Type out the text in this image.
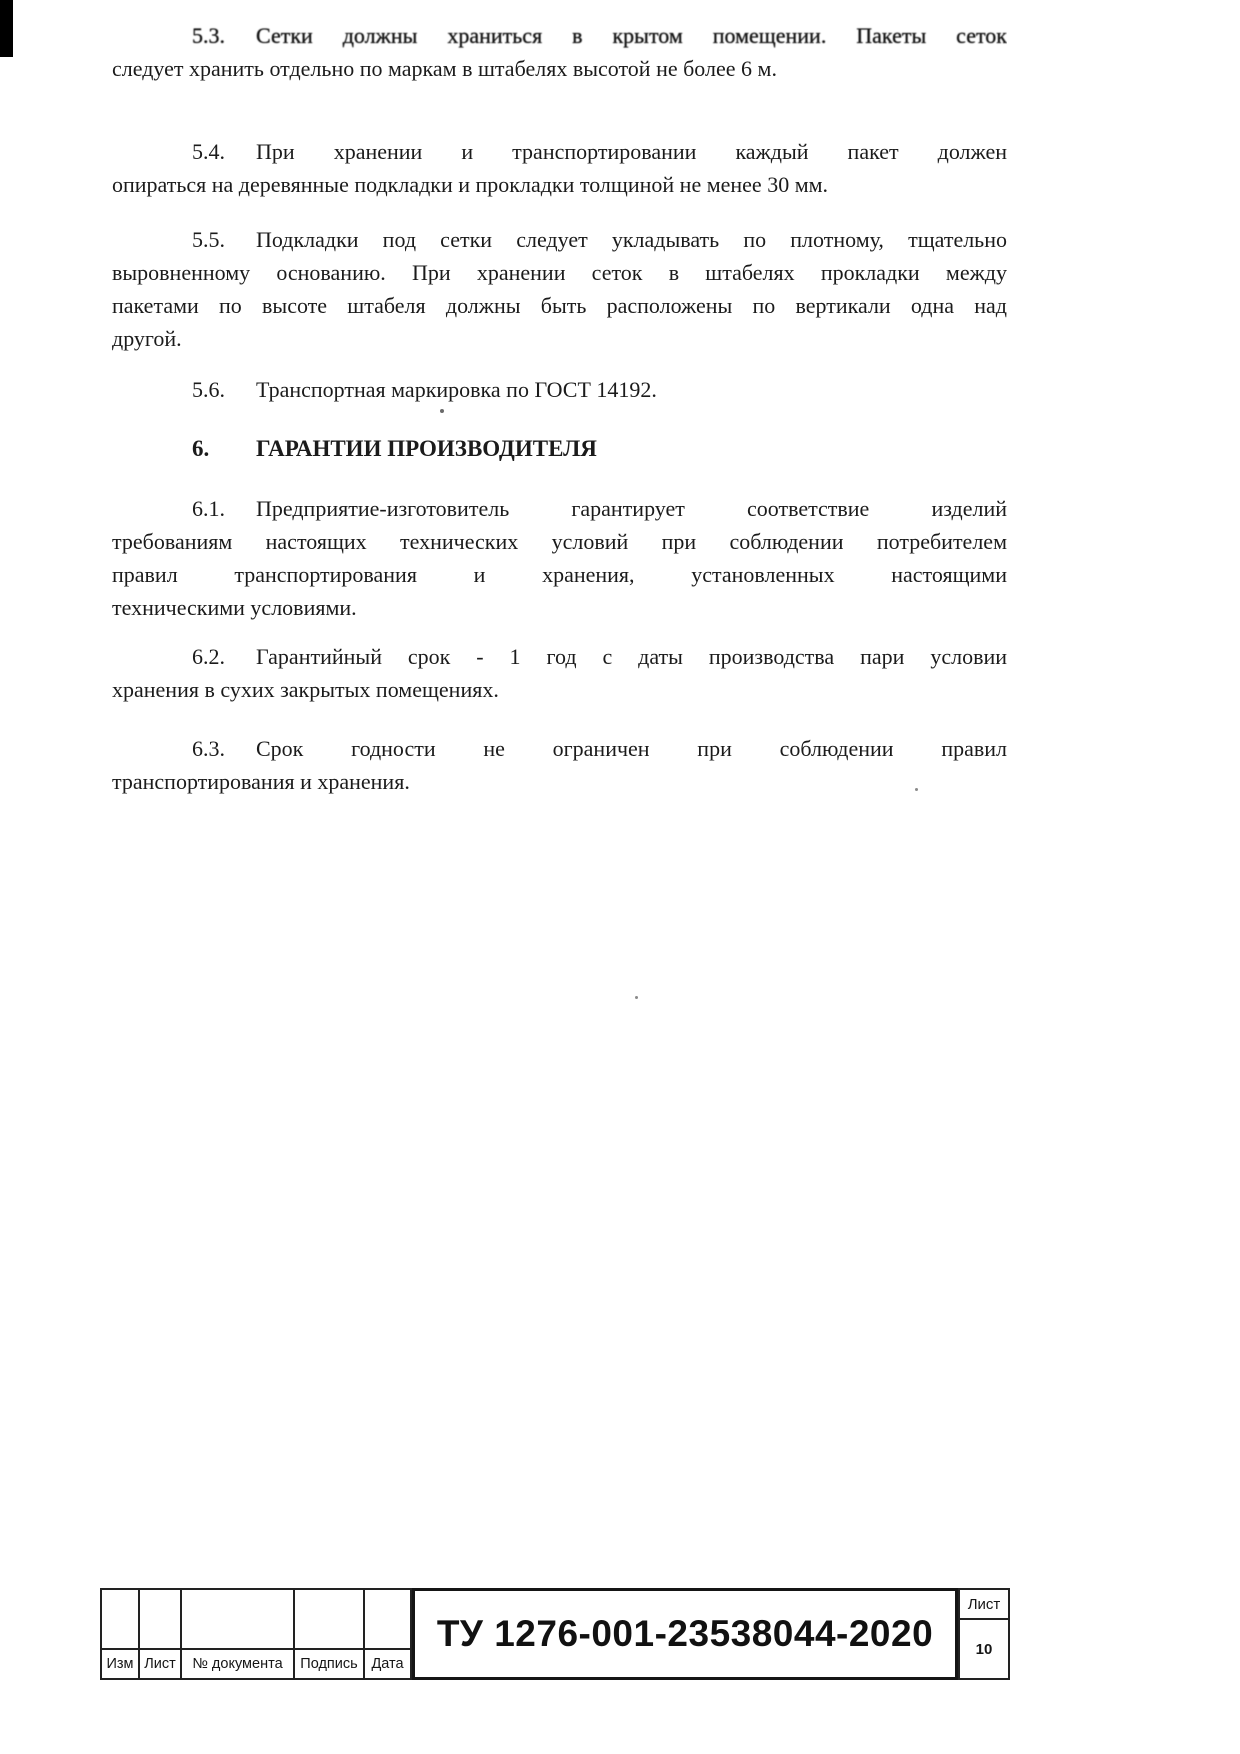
5.3. Сетки должны храниться в крытом помещении. Пакеты сеток
следует хранить отдельно по маркам в штабелях высотой не более 6 м.
5.4. При хранении и транспортировании каждый пакет должен
опираться на деревянные подкладки и прокладки толщиной не менее 30 мм.
5.5. Подкладки под сетки следует укладывать по плотному, тщательно
выровненному основанию. При хранении сеток в штабелях прокладки между
пакетами по высоте штабеля должны быть расположены по вертикали одна над
другой.
5.6. Транспортная маркировка по ГОСТ 14192.
6. ГАРАНТИИ ПРОИЗВОДИТЕЛЯ
6.1. Предприятие-изготовитель гарантирует соответствие изделий
требованиям настоящих технических условий при соблюдении потребителем
правил транспортирования и хранения, установленных настоящими
техническими условиями.
6.2. Гарантийный срок - 1 год с даты производства пари условии
хранения в сухих закрытых помещениях.
6.3. Срок годности не ограничен при соблюдении правил
транспортирования и хранения.
Изм Лист	№ документа	Подпись Дата
ТУ 1276-001-23538044-2020
Лист
10
